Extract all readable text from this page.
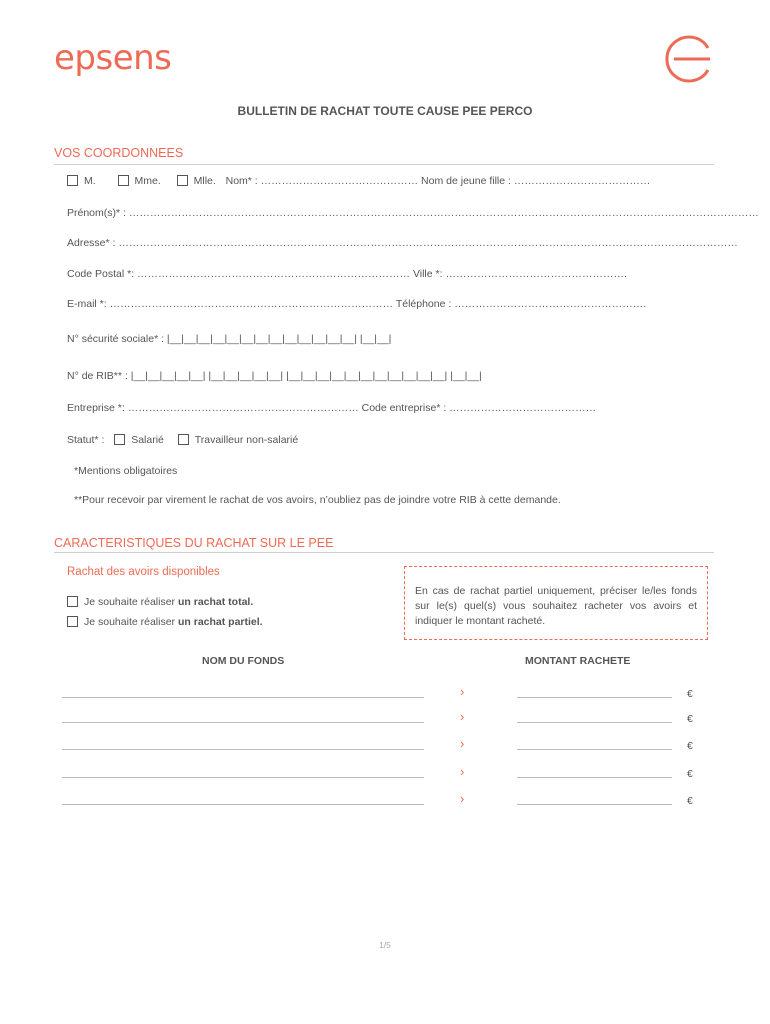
epsens
BULLETIN DE RACHAT TOUTE CAUSE PEE PERCO
VOS COORDONNEES
M.	Mme.	Mlle. Nom* : ……………………………………… Nom de jeune fille : …………………………………
Prénom(s)* : ………………………………………………………………………………………………………………………………………………………………
Adresse* : ……………………………………………………………………………………………………………………………………………………………
Code Postal *: …………………………………………………………………… Ville *: …………………………………………….
E-mail *: ……………………………………………………………………… Téléphone : ……………………………………………….
N° sécurité sociale* : |__|__|__|__|__|__|__|__|__|__|__|__|__| |__|__|
N° de RIB** : |__|__|__|__|__| |__|__|__|__|__| |__|__|__|__|__|__|__|__|__|__|__| |__|__|
Entreprise *: ………………………………………………………… Code entreprise* : ……………………………………
Statut* :	Salarié	Travailleur non-salarié
*Mentions obligatoires
**Pour recevoir par virement le rachat de vos avoirs, n’oubliez pas de joindre votre RIB à cette demande.
CARACTERISTIQUES DU RACHAT SUR LE PEE
Rachat des avoirs disponibles
Je souhaite réaliser un rachat total.
Je souhaite réaliser un rachat partiel.
En cas de rachat partiel uniquement, préciser le/les fonds sur le(s) quel(s) vous souhaitez racheter vos avoirs et indiquer le montant racheté.
NOM DU FONDS	MONTANT RACHETE
›	€
›	€
›	€
›	€
›	€
1/5
